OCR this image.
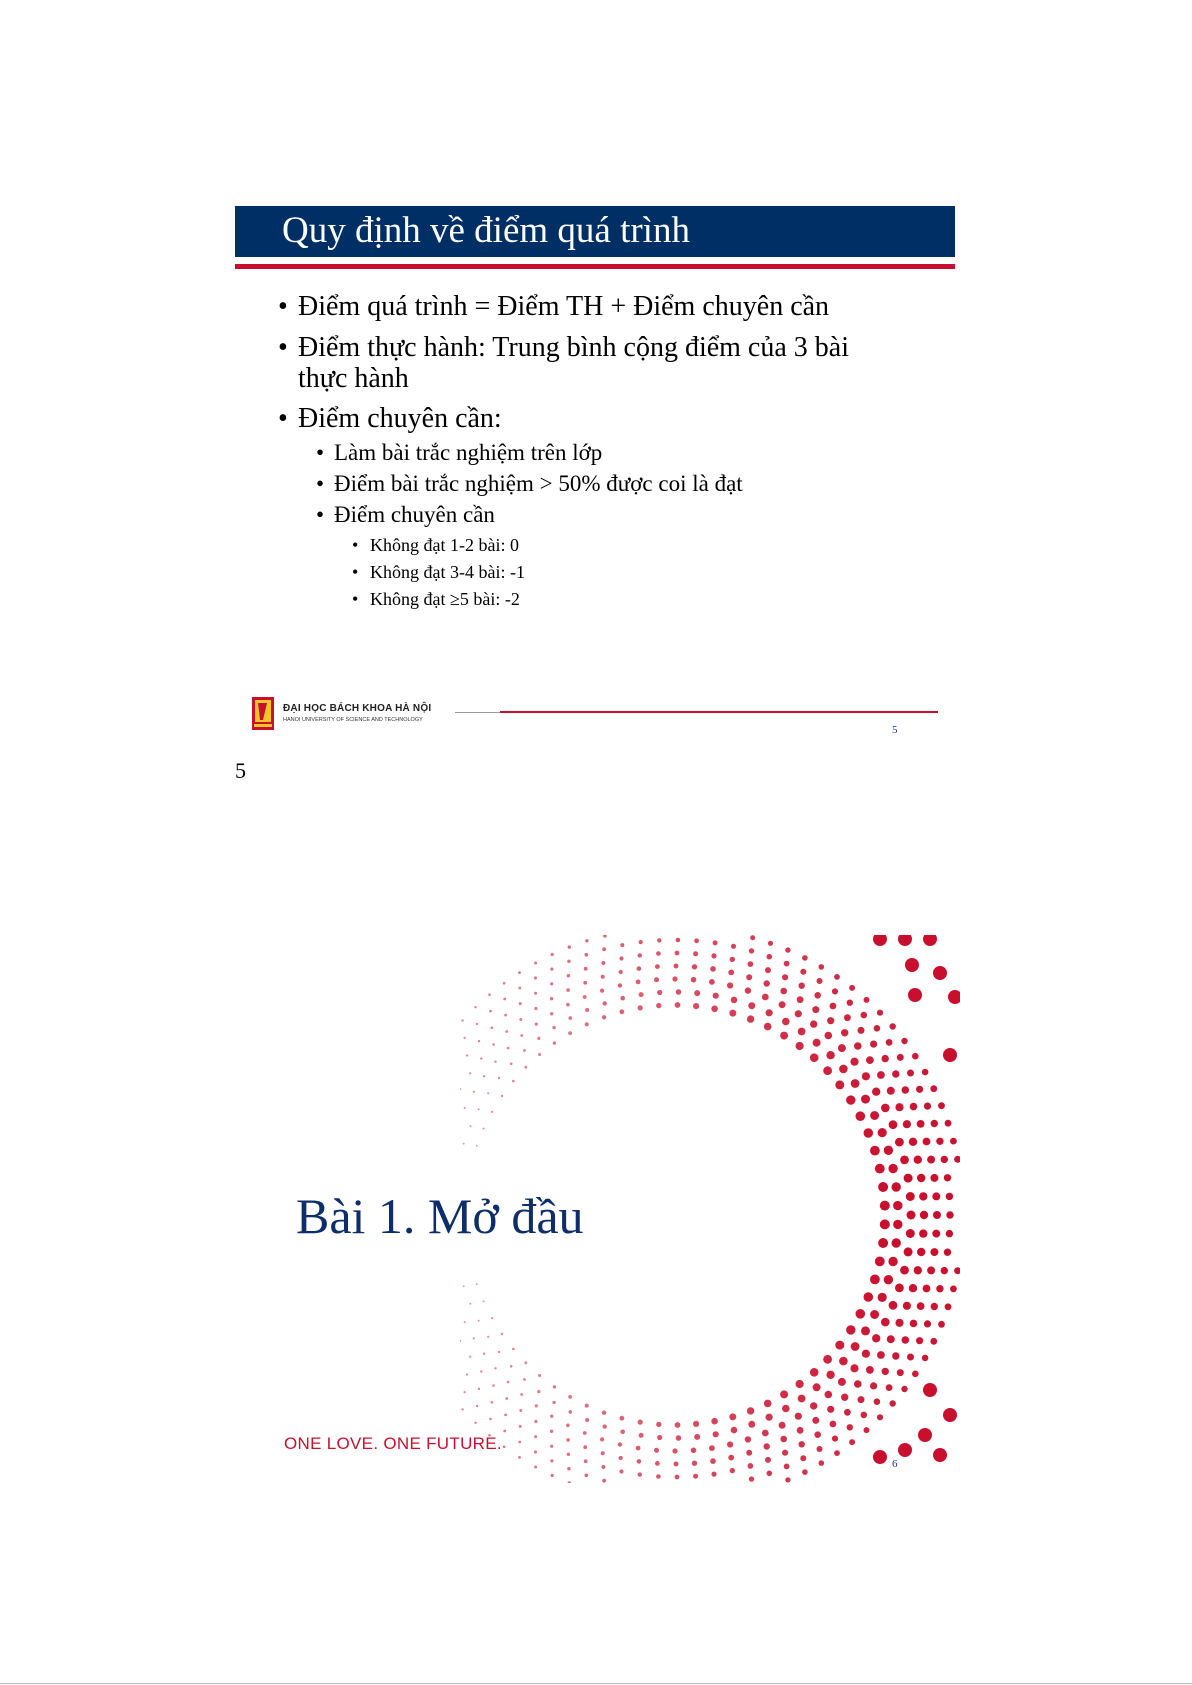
Quy định về điểm quá trình
• Điểm quá trình = Điểm TH + Điểm chuyên cần
• Điểm thực hành: Trung bình cộng điểm của 3 bài
thực hành
• Điểm chuyên cần:
• Làm bài trắc nghiệm trên lớp
• Điểm bài trắc nghiệm > 50% được coi là đạt
• Điểm chuyên cần
• Không đạt 1-2 bài: 0
• Không đạt 3-4 bài: -1
• Không đạt ≥5 bài: -2
ĐẠI HỌC BÁCH KHOA HÀ NỘI
HANOI UNIVERSITY OF SCIENCE AND TECHNOLOGY
5
5
Bài 1. Mở đầu
ONE LOVE. ONE FUTURE.
6
